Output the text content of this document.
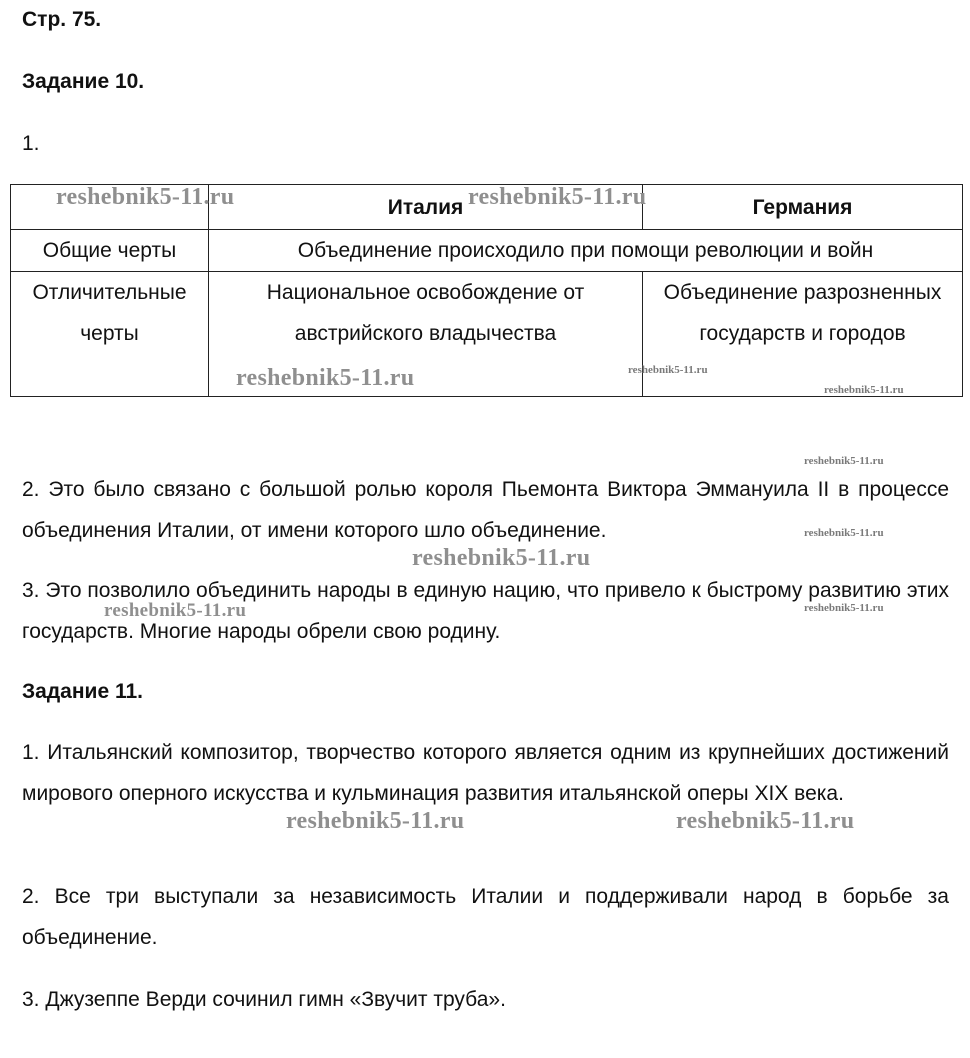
Стр. 75.

Задание 10.

1.

	Италия	Германия
Общие черты	Объединение происходило при помощи революции и войн	
Отличительные черты	Национальное освобождение от австрийского владычества	Объединение разрозненных государств и городов

2. Это было связано с большой ролью короля Пьемонта Виктора Эммануила II в процессе объединения Италии, от имени которого шло объединение.

3. Это позволило объединить народы в единую нацию, что привело к быстрому развитию этих государств. Многие народы обрели свою родину.

Задание 11.

1. Итальянский композитор, творчество которого является одним из крупнейших достижений мирового оперного искусства и кульминация развития итальянской оперы XIX века.

2. Все три выступали за независимость Италии и поддерживали народ в борьбе за объединение.

3. Джузеппе Верди сочинил гимн «Звучит труба».

reshebnik5-11.ru	reshebnik5-11.ru
reshebnik5-11.ru	reshebnik5-11.ru
reshebnik5-11.ru
reshebnik5-11.ru
reshebnik5-11.ru
reshebnik5-11.ru
reshebnik5-11.ru
reshebnik5-11.ru
reshebnik5-11.ru	reshebnik5-11.ru
